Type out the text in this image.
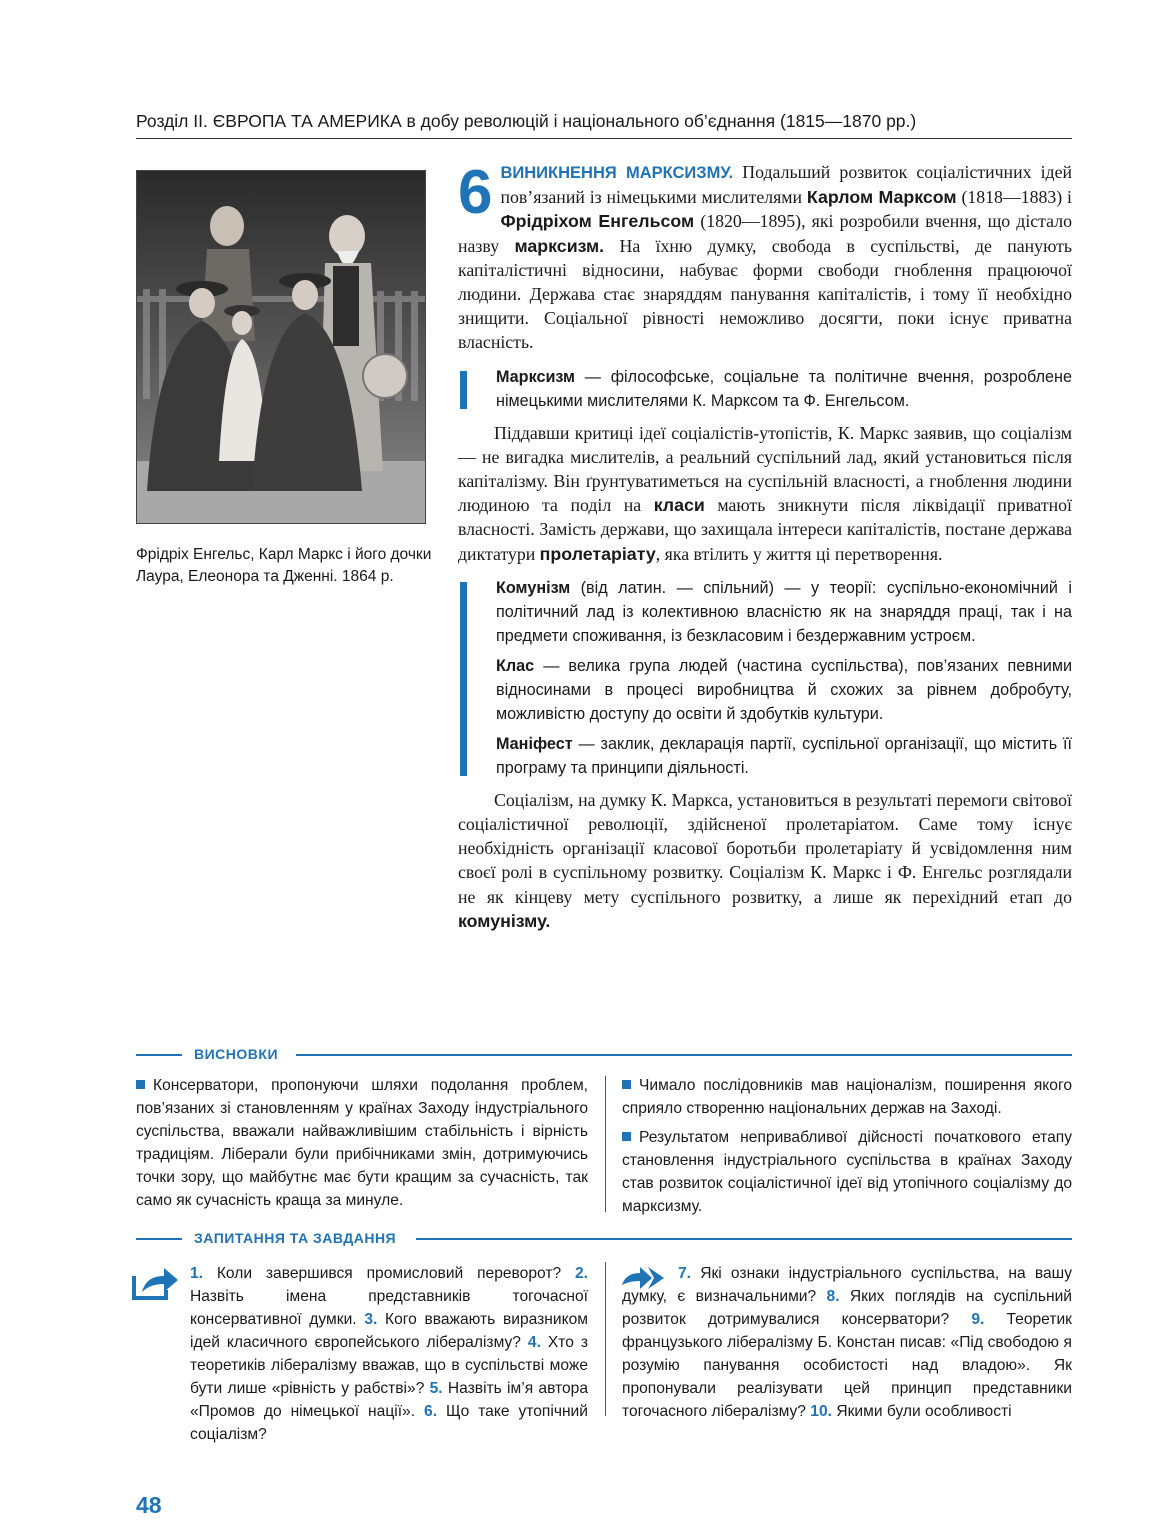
Розділ ІІ. ЄВРОПА ТА АМЕРИКА в добу революцій і національного об’єднання (1815—1870 рр.)
Фрідріх Енгельс, Карл Маркс і його дочки Лаура, Елеонора та Дженні. 1864 р.
6 ВИНИКНЕННЯ МАРКСИЗМУ. Подальший розвиток соціалістичних ідей пов’язаний із німецькими мислителями Карлом Марксом (1818—1883) і Фрідріхом Енгельсом (1820—1895), які розробили вчення, що дістало назву марксизм. На їхню думку, свобода в суспільстві, де панують капіталістичні відносини, набуває форми свободи гноблення працюючої людини. Держава стає знаряддям панування капіталістів, і тому її необхідно знищити. Соціальної рівності неможливо досягти, поки існує приватна власність.

Марксизм — філософське, соціальне та політичне вчення, розроблене німецькими мислителями К. Марксом та Ф. Енгельсом.

Піддавши критиці ідеї соціалістів-утопістів, К. Маркс заявив, що соціалізм — не вигадка мислителів, а реальний суспільний лад, який установиться після капіталізму. Він ґрунтуватиметься на суспільній власності, а гноблення людини людиною та поділ на класи мають зникнути після ліквідації приватної власності. Замість держави, що захищала інтереси капіталістів, постане держава диктатури пролетаріату, яка втілить у життя ці перетворення.

Комунізм (від латин. — спільний) — у теорії: суспільно-економічний і політичний лад із колективною власністю як на знаряддя праці, так і на предмети споживання, із безкласовим і бездержавним устроєм.

Клас — велика група людей (частина суспільства), пов’язаних певними відносинами в процесі виробництва й схожих за рівнем добробуту, можливістю доступу до освіти й здобутків культури.

Маніфест — заклик, декларація партії, суспільної організації, що містить її програму та принципи діяльності.

Соціалізм, на думку К. Маркса, установиться в результаті перемоги світової соціалістичної революції, здійсненої пролетаріатом. Саме тому існує необхідність організації класової боротьби пролетаріату й усвідомлення ним своєї ролі в суспільному розвитку. Соціалізм К. Маркс і Ф. Енгельс розглядали не як кінцеву мету суспільного розвитку, а лише як перехідний етап до комунізму.

ВИСНОВКИ
Консерватори, пропонуючи шляхи подолання проблем, пов’язаних зі становленням у країнах Заходу індустріального суспільства, вважали найважливішим стабільність і вірність традиціям. Ліберали були прибічниками змін, дотримуючись точки зору, що майбутнє має бути кращим за сучасність, так само як сучасність краща за минуле.
Чимало послідовників мав націоналізм, поширення якого сприяло створенню національних держав на Заході.
Результатом непривабливої дійсності початкового етапу становлення індустріального суспільства в країнах Заходу став розвиток соціалістичної ідеї від утопічного соціалізму до марксизму.
ЗАПИТАННЯ ТА ЗАВДАННЯ
1. Коли завершився промисловий переворот? 2. Назвіть імена представників тогочасної консервативної думки. 3. Кого вважають виразником ідей класичного європейського лібералізму? 4. Хто з теоретиків лібералізму вважав, що в суспільстві може бути лише «рівність у рабстві»? 5. Назвіть ім’я автора «Промов до німецької нації». 6. Що таке утопічний соціалізм?
7. Які ознаки індустріального суспільства, на вашу думку, є визначальними? 8. Яких поглядів на суспільний розвиток дотримувалися консерватори? 9. Теоретик французького лібералізму Б. Констан писав: «Під свободою я розумію панування особистості над владою». Як пропонували реалізувати цей принцип представники тогочасного лібералізму? 10. Якими були особливості
48
